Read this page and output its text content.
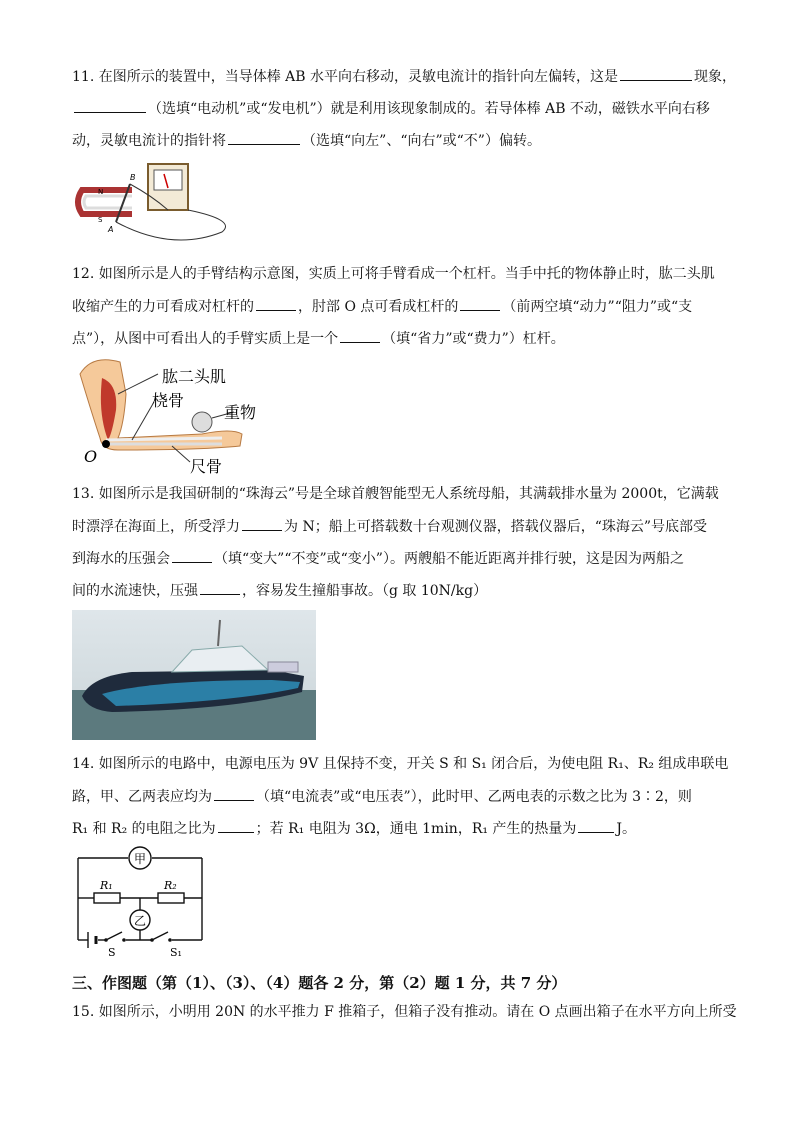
11. 在图所示的装置中，当导体棒 AB 水平向右移动，灵敏电流计的指针向左偏转，这是	现象，
（选填“电动机”或“发电机”）就是利用该现象制成的。若导体棒 AB 不动，磁铁水平向右移
动，灵敏电流计的指针将	（选填“向左”、“向右”或“不”）偏转。
N
S
B
A
12. 如图所示是人的手臂结构示意图，实质上可将手臂看成一个杠杆。当手中托的物体静止时，肱二头肌
收缩产生的力可看成对杠杆的	，肘部 O 点可看成杠杆的	（前两空填“动力”“阻力”或“支
点”），从图中可看出人的手臂实质上是一个	（填“省力”或“费力”）杠杆。
肱二头肌
桡骨
重物
尺骨
O
13. 如图所示是我国研制的“珠海云”号是全球首艘智能型无人系统母船，其满载排水量为 2000t，它满载
时漂浮在海面上，所受浮力	为 N；船上可搭载数十台观测仪器，搭载仪器后，“珠海云”号底部受
到海水的压强会	（填“变大”“不变”或“变小”）。两艘船不能近距离并排行驶，这是因为两船之
间的水流速快，压强	，容易发生撞船事故。（g 取 10N/kg）
14. 如图所示的电路中，电源电压为 9V 且保持不变，开关 S 和 S₁ 闭合后，为使电阻 R₁、R₂ 组成串联电
路，甲、乙两表应均为	（填“电流表”或“电压表”），此时甲、乙两电表的示数之比为 3∶2，则
R₁ 和 R₂ 的电阻之比为	；若 R₁ 电阻为 3Ω，通电 1min，R₁ 产生的热量为	J。
甲
乙
R₁	R₂
S	S₁
三、作图题（第（1）、（3）、（4）题各 2 分，第（2）题 1 分，共 7 分）
15. 如图所示，小明用 20N 的水平推力 F 推箱子，但箱子没有推动。请在 O 点画出箱子在水平方向上所受
